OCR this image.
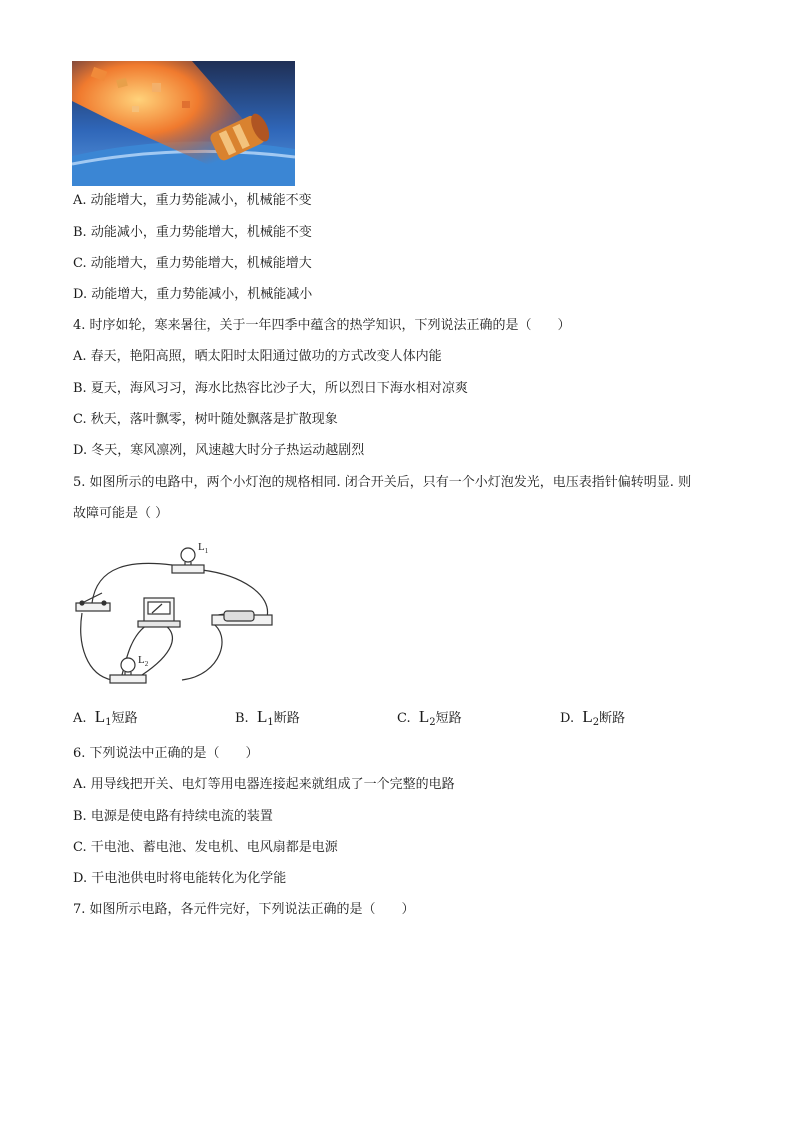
A. 动能增大，重力势能减小，机械能不变
B. 动能减小，重力势能增大，机械能不变
C. 动能增大，重力势能增大，机械能增大
D. 动能增大，重力势能减小，机械能减小
4. 时序如轮，寒来暑往，关于一年四季中蕴含的热学知识，下列说法正确的是（　　）
A. 春天，艳阳高照，晒太阳时太阳通过做功的方式改变人体内能
B. 夏天，海风习习，海水比热容比沙子大，所以烈日下海水相对凉爽
C. 秋天，落叶飘零，树叶随处飘落是扩散现象
D. 冬天，寒风凛冽，风速越大时分子热运动越剧烈
5. 如图所示的电路中，两个小灯泡的规格相同. 闭合开关后，只有一个小灯泡发光，电压表指针偏转明显. 则
故障可能是（ ）
$L_1$
$L_2$
A. $L_1$短路	B. $L_1$断路	C. $L_2$短路	D. $L_2$断路
6. 下列说法中正确的是（　　）
A. 用导线把开关、电灯等用电器连接起来就组成了一个完整的电路
B. 电源是使电路有持续电流的装置
C. 干电池、蓄电池、发电机、电风扇都是电源
D. 干电池供电时将电能转化为化学能
7. 如图所示电路，各元件完好，下列说法正确的是（　　）
